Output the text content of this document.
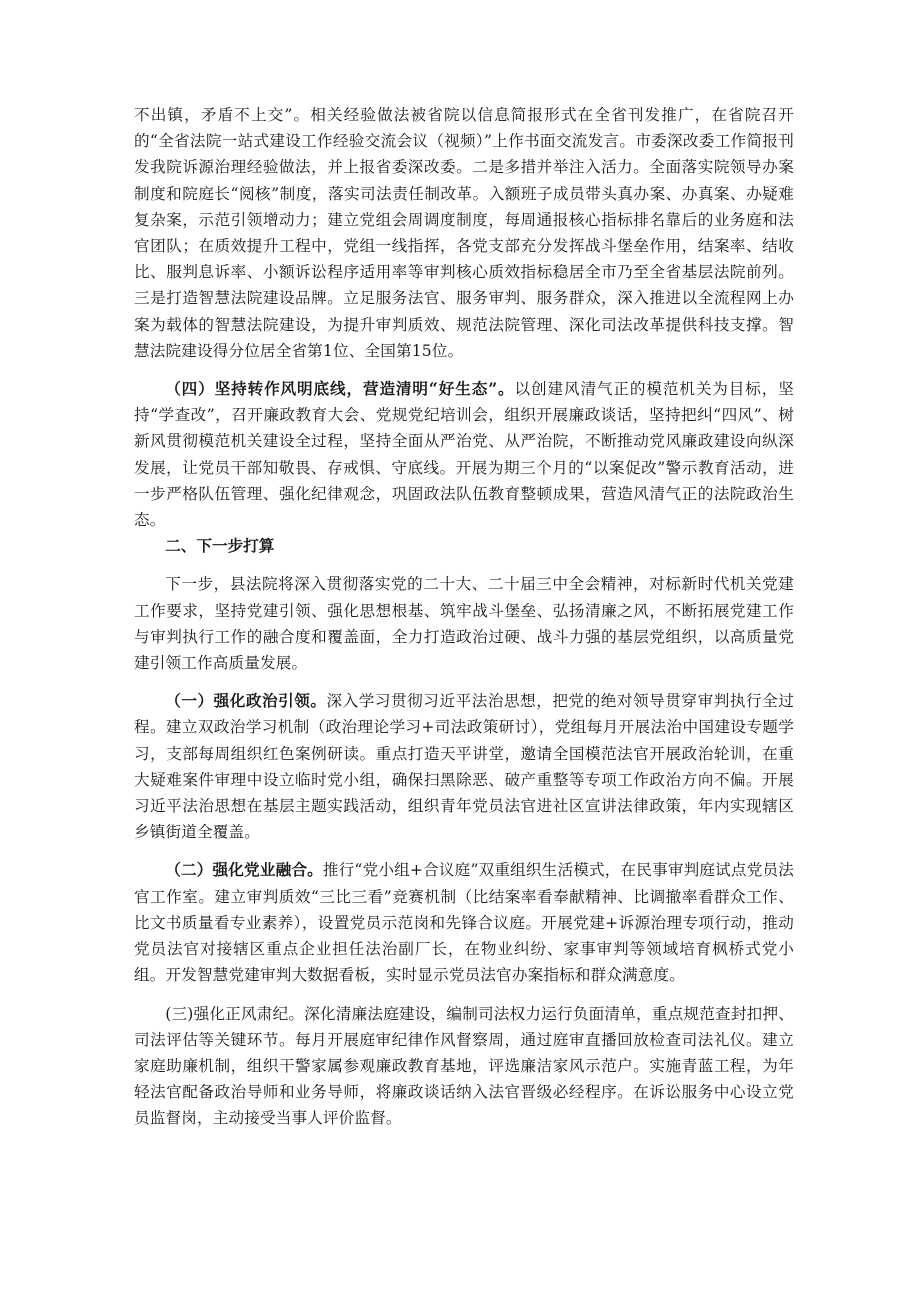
不出镇，矛盾不上交”。相关经验做法被省院以信息简报形式在全省刊发推广，在省院召开的“全省法院一站式建设工作经验交流会议（视频）”上作书面交流发言。市委深改委工作简报刊发我院诉源治理经验做法，并上报省委深改委。二是多措并举注入活力。全面落实院领导办案制度和院庭长“阅核”制度，落实司法责任制改革。入额班子成员带头真办案、办真案、办疑难复杂案，示范引领增动力；建立党组会周调度制度，每周通报核心指标排名靠后的业务庭和法官团队；在质效提升工程中，党组一线指挥，各党支部充分发挥战斗堡垒作用，结案率、结收比、服判息诉率、小额诉讼程序适用率等审判核心质效指标稳居全市乃至全省基层法院前列。三是打造智慧法院建设品牌。立足服务法官、服务审判、服务群众，深入推进以全流程网上办案为载体的智慧法院建设，为提升审判质效、规范法院管理、深化司法改革提供科技支撑。智慧法院建设得分位居全省第1位、全国第15位。

（四）坚持转作风明底线，营造清明“好生态”。以创建风清气正的模范机关为目标，坚持“学查改”，召开廉政教育大会、党规党纪培训会，组织开展廉政谈话，坚持把纠“四风”、树新风贯彻模范机关建设全过程，坚持全面从严治党、从严治院，不断推动党风廉政建设向纵深发展，让党员干部知敬畏、存戒惧、守底线。开展为期三个月的“以案促改”警示教育活动，进一步严格队伍管理、强化纪律观念，巩固政法队伍教育整顿成果，营造风清气正的法院政治生态。

二、下一步打算

下一步，县法院将深入贯彻落实党的二十大、二十届三中全会精神，对标新时代机关党建工作要求，坚持党建引领、强化思想根基、筑牢战斗堡垒、弘扬清廉之风，不断拓展党建工作与审判执行工作的融合度和覆盖面，全力打造政治过硬、战斗力强的基层党组织，以高质量党建引领工作高质量发展。

（一）强化政治引领。深入学习贯彻习近平法治思想，把党的绝对领导贯穿审判执行全过程。建立双政治学习机制（政治理论学习+司法政策研讨），党组每月开展法治中国建设专题学习，支部每周组织红色案例研读。重点打造天平讲堂，邀请全国模范法官开展政治轮训，在重大疑难案件审理中设立临时党小组，确保扫黑除恶、破产重整等专项工作政治方向不偏。开展习近平法治思想在基层主题实践活动，组织青年党员法官进社区宣讲法律政策，年内实现辖区乡镇街道全覆盖。

（二）强化党业融合。推行“党小组+合议庭”双重组织生活模式，在民事审判庭试点党员法官工作室。建立审判质效“三比三看”竞赛机制（比结案率看奉献精神、比调撤率看群众工作、比文书质量看专业素养），设置党员示范岗和先锋合议庭。开展党建+诉源治理专项行动，推动党员法官对接辖区重点企业担任法治副厂长，在物业纠纷、家事审判等领域培育枫桥式党小组。开发智慧党建审判大数据看板，实时显示党员法官办案指标和群众满意度。

(三)强化正风肃纪。深化清廉法庭建设，编制司法权力运行负面清单，重点规范查封扣押、司法评估等关键环节。每月开展庭审纪律作风督察周，通过庭审直播回放检查司法礼仪。建立家庭助廉机制，组织干警家属参观廉政教育基地，评选廉洁家风示范户。实施青蓝工程，为年轻法官配备政治导师和业务导师，将廉政谈话纳入法官晋级必经程序。在诉讼服务中心设立党员监督岗，主动接受当事人评价监督。
